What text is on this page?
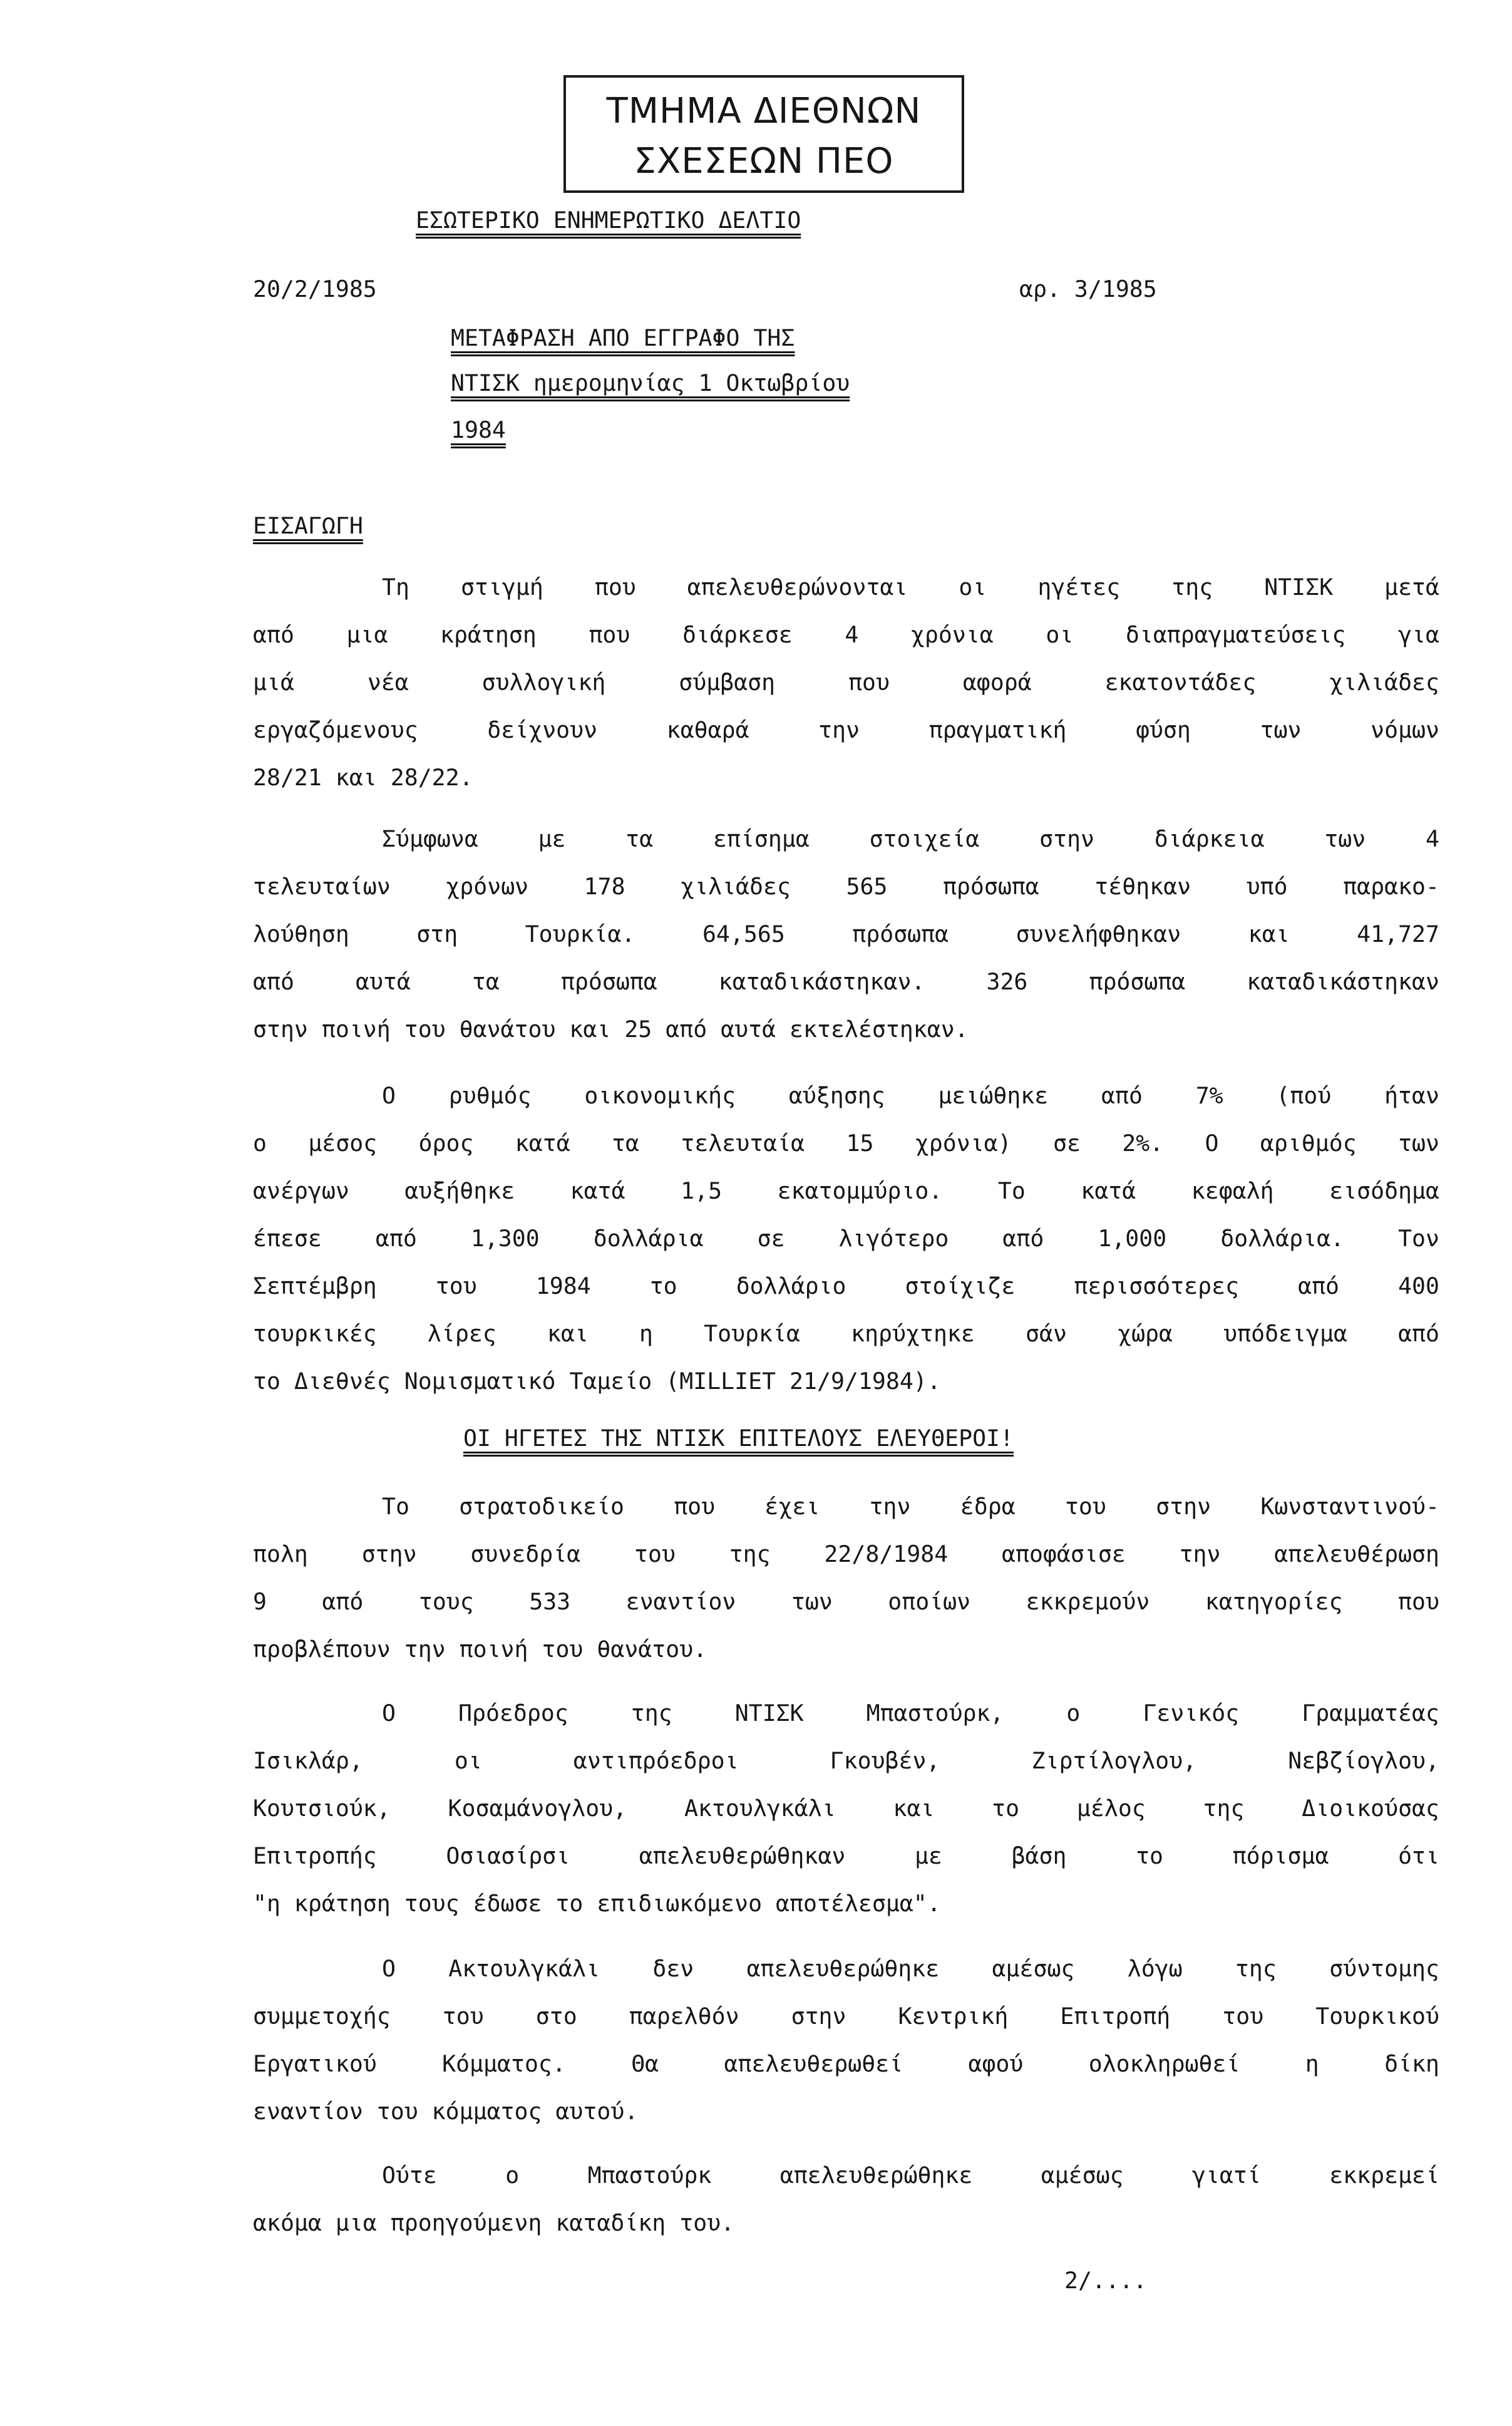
ΤΜΗΜΑ ΔΙΕΘΝΩΝ
ΣΧΕΣΕΩΝ ΠΕΟ
ΕΣΩΤΕΡΙΚΟ ΕΝΗΜΕΡΩΤΙΚΟ ΔΕΛΤΙΟ
20/2/1985	αρ. 3/1985
ΜΕΤΑΦΡΑΣΗ ΑΠΟ ΕΓΓΡΑΦΟ ΤΗΣ
ΝΤΙΣΚ ημερομηνίας 1 Οκτωβρίου
1984
ΕΙΣΑΓΩΓΗ
Τη στιγμή που απελευθερώνονται οι ηγέτες της ΝΤΙΣΚ μετά
από μια κράτηση που διάρκεσε 4 χρόνια οι διαπραγματεύσεις για
μιά νέα συλλογική σύμβαση που αφορά εκατοντάδες χιλιάδες
εργαζόμενους δείχνουν καθαρά την πραγματική φύση των νόμων
28/21 και 28/22.
Σύμφωνα με τα επίσημα στοιχεία στην διάρκεια των 4
τελευταίων χρόνων 178 χιλιάδες 565 πρόσωπα τέθηκαν υπό παρακο-
λούθηση στη Τουρκία. 64,565 πρόσωπα συνελήφθηκαν και 41,727
από αυτά τα πρόσωπα καταδικάστηκαν. 326 πρόσωπα καταδικάστηκαν
στην ποινή του θανάτου και 25 από αυτά εκτελέστηκαν.
Ο ρυθμός οικονομικής αύξησης μειώθηκε από 7% (πού ήταν
ο μέσος όρος κατά τα τελευταία 15 χρόνια) σε 2%. Ο αριθμός των
ανέργων αυξήθηκε κατά 1,5 εκατομμύριο. Το κατά κεφαλή εισόδημα
έπεσε από 1,300 δολλάρια σε λιγότερο από 1,000 δολλάρια. Τον
Σεπτέμβρη του 1984 το δολλάριο στοίχιζε περισσότερες από 400
τουρκικές λίρες και η Τουρκία κηρύχτηκε σάν χώρα υπόδειγμα από
το Διεθνές Νομισματικό Ταμείο (MILLIET 21/9/1984).
ΟΙ ΗΓΕΤΕΣ ΤΗΣ ΝΤΙΣΚ ΕΠΙΤΕΛΟΥΣ ΕΛΕΥΘΕΡΟΙ!
Το στρατοδικείο που έχει την έδρα του στην Κωνσταντινού-
πολη στην συνεδρία του της 22/8/1984 αποφάσισε την απελευθέρωση
9 από τους 533 εναντίον των οποίων εκκρεμούν κατηγορίες που
προβλέπουν την ποινή του θανάτου.
Ο Πρόεδρος της ΝΤΙΣΚ Μπαστούρκ, ο Γενικός Γραμματέας
Ισικλάρ, οι αντιπρόεδροι Γκουβέν, Ζιρτίλογλου, Νεβζίογλου,
Κουτσιούκ, Κοσαμάνογλου, Ακτουλγκάλι και το μέλος της Διοικούσας
Επιτροπής Οσιασίρσι απελευθερώθηκαν με βάση το πόρισμα ότι
"η κράτηση τους έδωσε το επιδιωκόμενο αποτέλεσμα".
Ο Ακτουλγκάλι δεν απελευθερώθηκε αμέσως λόγω της σύντομης
συμμετοχής του στο παρελθόν στην Κεντρική Επιτροπή του Τουρκικού
Εργατικού Κόμματος. Θα απελευθερωθεί αφού ολοκληρωθεί η δίκη
εναντίον του κόμματος αυτού.
Ούτε ο Μπαστούρκ απελευθερώθηκε αμέσως γιατί εκκρεμεί
ακόμα μια προηγούμενη καταδίκη του.
2/....
